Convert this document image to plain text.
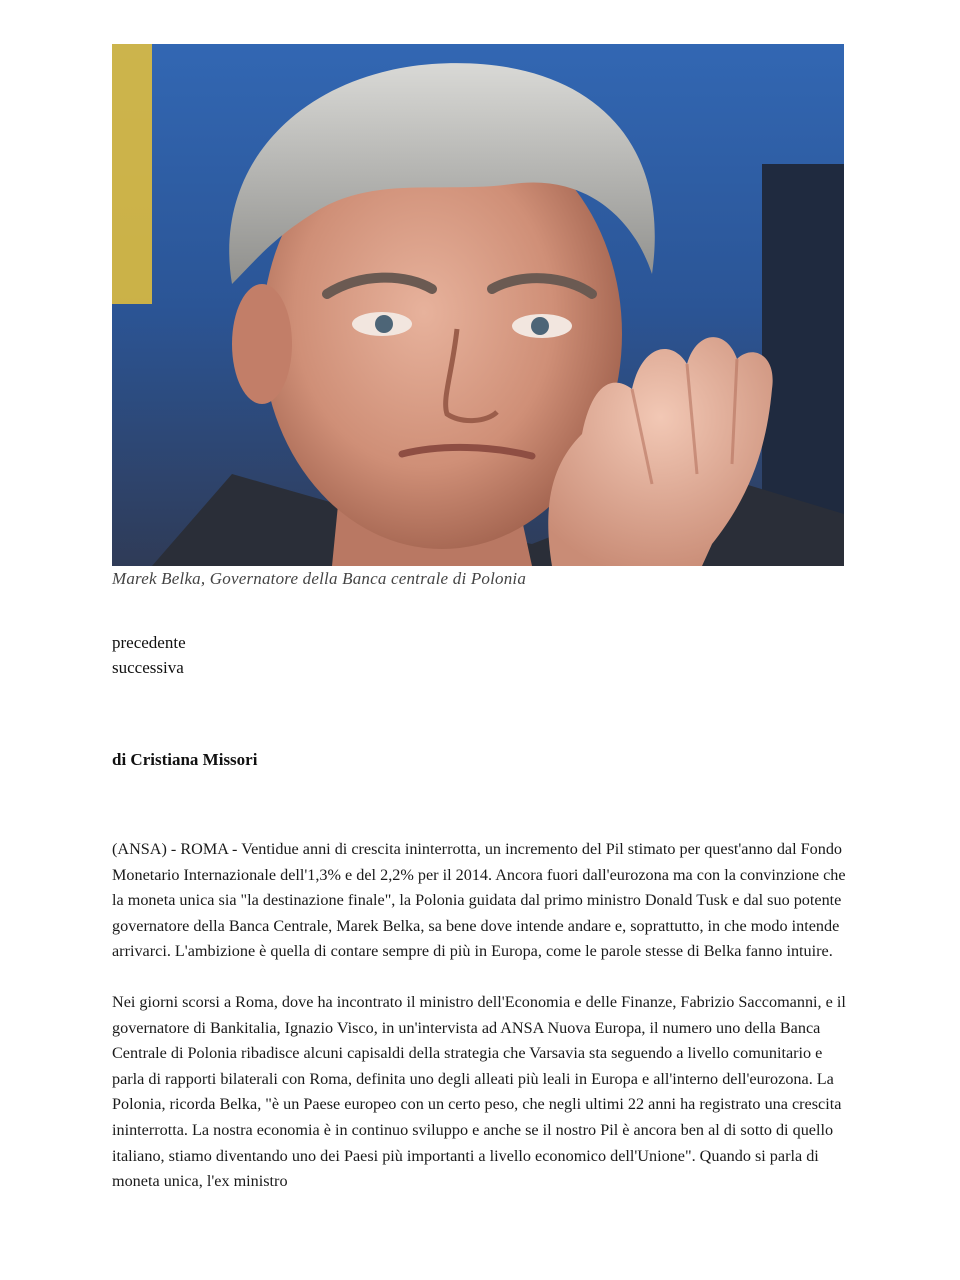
Marek Belka, Governatore della Banca centrale di Polonia
precedente
successiva
di Cristiana Missori

(ANSA) - ROMA - Ventidue anni di crescita ininterrotta, un incremento del Pil stimato per quest'anno dal Fondo Monetario Internazionale dell'1,3% e del 2,2% per il 2014. Ancora fuori dall'eurozona ma con la convinzione che la moneta unica sia "la destinazione finale", la Polonia guidata dal primo ministro Donald Tusk e dal suo potente governatore della Banca Centrale, Marek Belka, sa bene dove intende andare e, soprattutto, in che modo intende arrivarci. L'ambizione è quella di contare sempre di più in Europa, come le parole stesse di Belka fanno intuire.

Nei giorni scorsi a Roma, dove ha incontrato il ministro dell'Economia e delle Finanze, Fabrizio Saccomanni, e il governatore di Bankitalia, Ignazio Visco, in un'intervista ad ANSA Nuova Europa, il numero uno della Banca Centrale di Polonia ribadisce alcuni capisaldi della strategia che Varsavia sta seguendo a livello comunitario e parla di rapporti bilaterali con Roma, definita uno degli alleati più leali in Europa e all'interno dell'eurozona. La Polonia, ricorda Belka, "è un Paese europeo con un certo peso, che negli ultimi 22 anni ha registrato una crescita ininterrotta. La nostra economia è in continuo sviluppo e anche se il nostro Pil è ancora ben al di sotto di quello italiano, stiamo diventando uno dei Paesi più importanti a livello economico dell'Unione". Quando si parla di moneta unica, l'ex ministro
